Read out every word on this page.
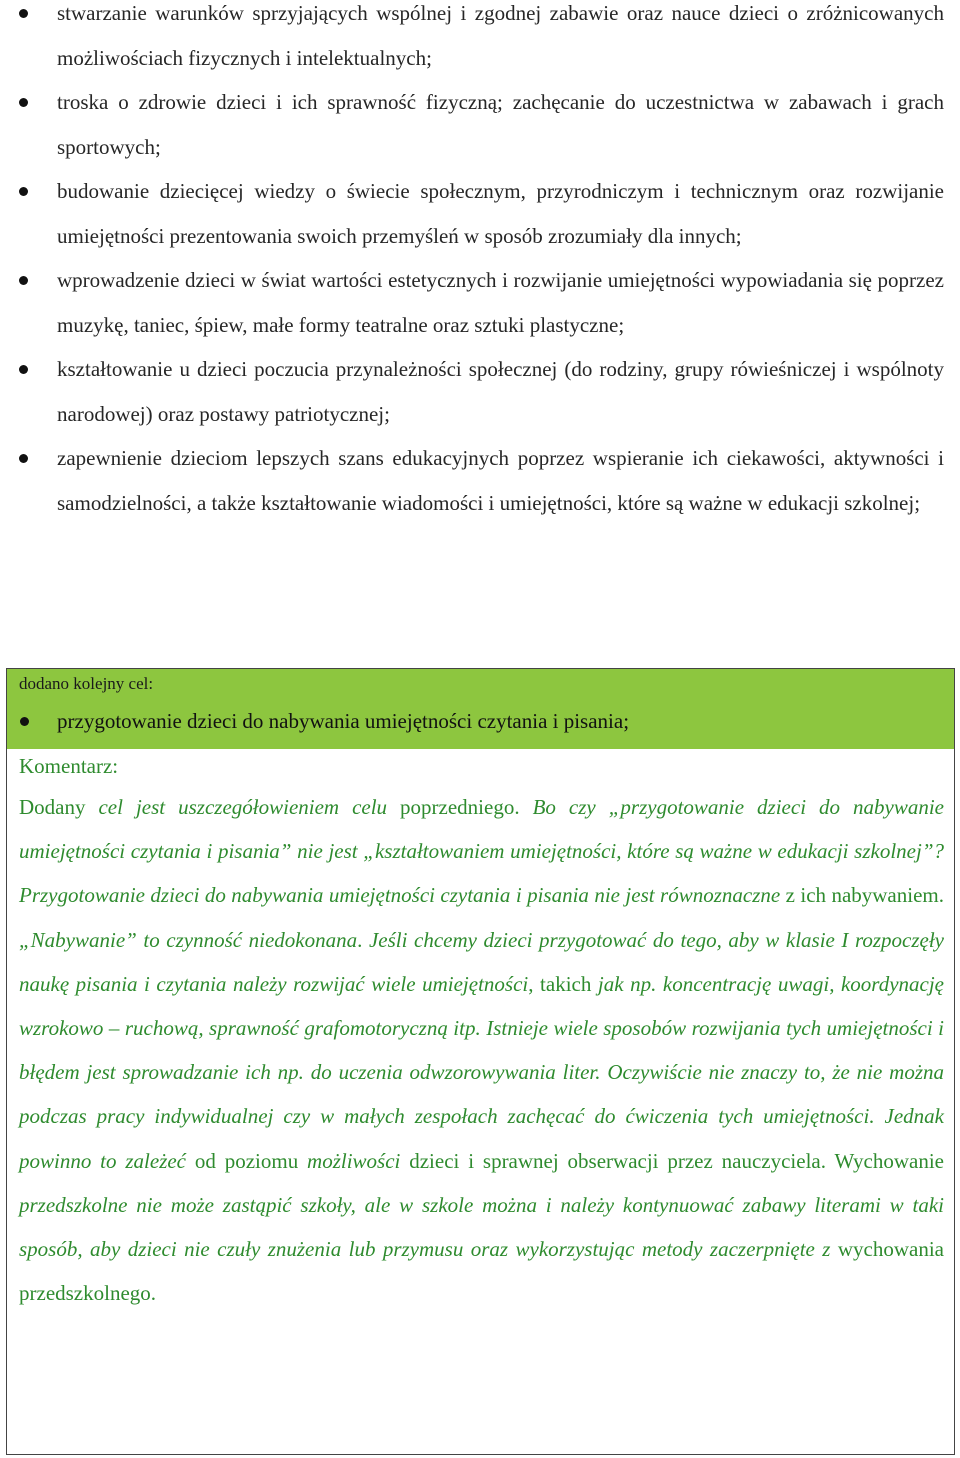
stwarzanie warunków sprzyjających wspólnej i zgodnej zabawie oraz nauce dzieci o zróżnicowanych możliwościach fizycznych i intelektualnych;
troska o zdrowie dzieci i ich sprawność fizyczną; zachęcanie do uczestnictwa w zabawach i grach sportowych;
budowanie dziecięcej wiedzy o świecie społecznym, przyrodniczym i technicznym oraz rozwijanie umiejętności prezentowania swoich przemyśleń w sposób zrozumiały dla innych;
wprowadzenie dzieci w świat wartości estetycznych i rozwijanie umiejętności wypowiadania się poprzez muzykę, taniec, śpiew, małe formy teatralne oraz sztuki plastyczne;
kształtowanie u dzieci poczucia przynależności społecznej (do rodziny, grupy rówieśniczej i wspólnoty narodowej) oraz postawy patriotycznej;
zapewnienie dzieciom lepszych szans edukacyjnych poprzez wspieranie ich ciekawości, aktywności i samodzielności, a także kształtowanie wiadomości i umiejętności, które są ważne w edukacji szkolnej;
dodano kolejny cel:
przygotowanie dzieci do nabywania umiejętności czytania i pisania;
Komentarz:

Dodany cel jest uszczegółowieniem celu poprzedniego. Bo czy „przygotowanie dzieci do nabywanie umiejętności czytania i pisania” nie jest „kształtowaniem umiejętności, które są ważne w edukacji szkolnej”? Przygotowanie dzieci do nabywania umiejętności czytania i pisania nie jest równoznaczne z ich nabywaniem. „Nabywanie” to czynność niedokonana. Jeśli chcemy dzieci przygotować do tego, aby w klasie I rozpoczęły naukę pisania i czytania należy rozwijać wiele umiejętności, takich jak np. koncentrację uwagi, koordynację wzrokowo – ruchową, sprawność grafomotoryczną itp. Istnieje wiele sposobów rozwijania tych umiejętności i błędem jest sprowadzanie ich np. do uczenia odwzorowywania liter. Oczywiście nie znaczy to, że nie można podczas pracy indywidualnej czy w małych zespołach zachęcać do ćwiczenia tych umiejętności. Jednak powinno to zależeć od poziomu możliwości dzieci i sprawnej obserwacji przez nauczyciela. Wychowanie przedszkolne nie może zastąpić szkoły, ale w szkole można i należy kontynuować zabawy literami w taki sposób, aby dzieci nie czuły znużenia lub przymusu oraz wykorzystując metody zaczerpnięte z wychowania przedszkolnego.
